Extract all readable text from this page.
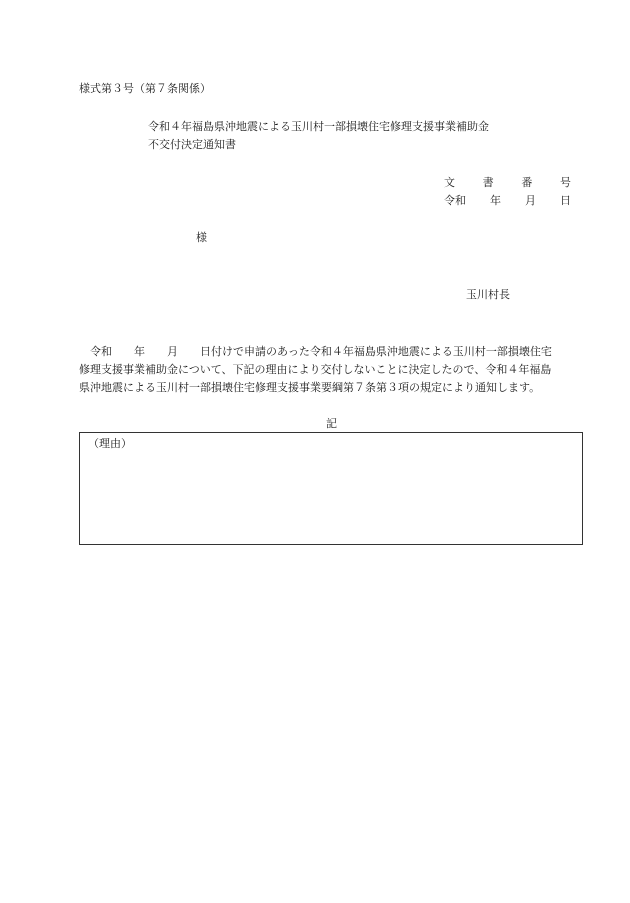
様式第３号（第７条関係）
令和４年福島県沖地震による玉川村一部損壊住宅修理支援事業補助金
不交付決定通知書
文	書	番	号
令和 年 月 日
様
玉川村長
　令和　　年　　月　　日付けで申請のあった令和４年福島県沖地震による玉川村一部損壊住宅
修理支援事業補助金について、下記の理由により交付しないことに決定したので、令和４年福島
県沖地震による玉川村一部損壊住宅修理支援事業要綱第７条第３項の規定により通知します。
記
（理由）
